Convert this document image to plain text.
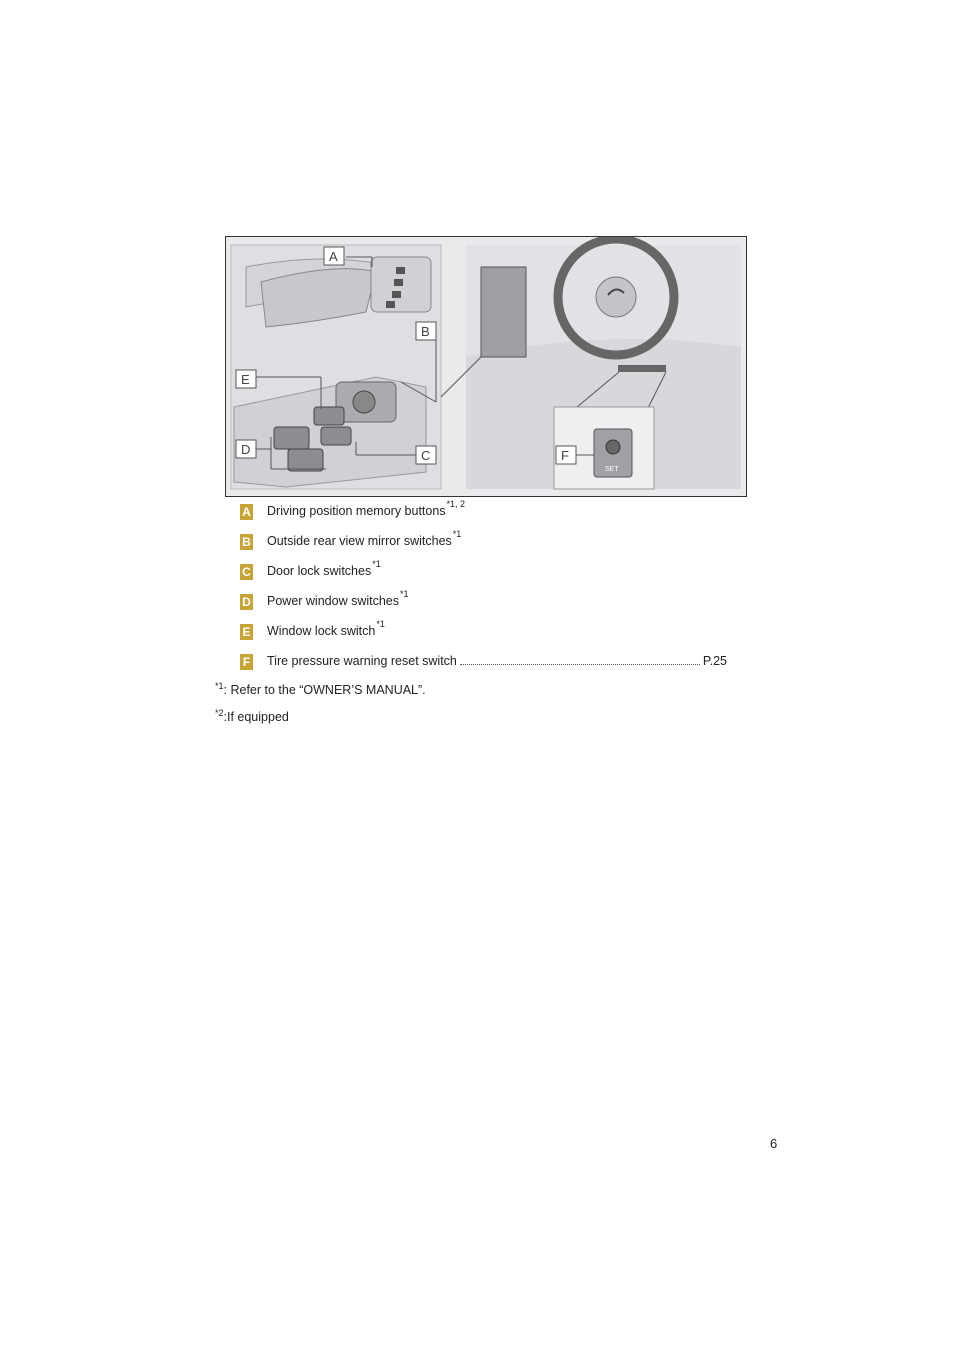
SET
A
B
E
D	C	F
A Driving position memory buttons *1, 2
B Outside rear view mirror switches *1
C Door lock switches *1
D Power window switches *1
E Window lock switch *1
F Tire pressure warning reset switch	P.25
$^{*1}$: Refer to the “OWNER’S MANUAL”.
$^{*2}$:If equipped
6
